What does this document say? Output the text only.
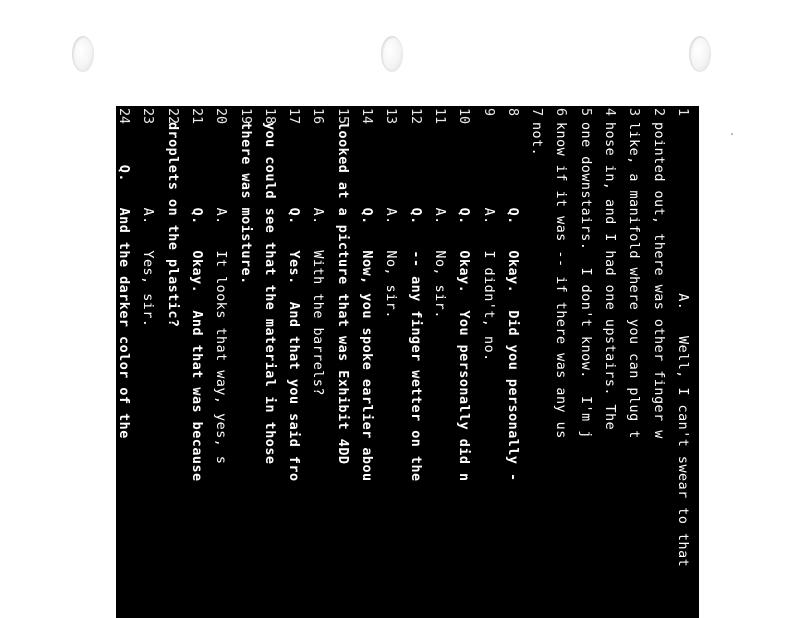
1
A.   Well, I can't swear to that
2
pointed out, there was other finger w
3
like, a manifold where you can plug t
4
hose in, and I had one upstairs. The
5
one downstairs.  I don't know.  I'm j
6
know if it was -- if there was any us
7
not.
8
Q.   Okay.  Did you personally -
9
A.   I didn't, no.
10
Q.   Okay.  You personally did n
11
A.   No, sir.
12
Q.   -- any finger wetter on the
13
A.   No, sir.
14
Q.   Now, you spoke earlier abou
15
looked at a picture that was Exhibit 4DD
16
A.   With the barrels?
17
Q.   Yes.  And that you said fro
18
you could see that the material in those
19
there was moisture.
20
A.   It looks that way, yes, s
21
Q.   Okay.  And that was because
22
droplets on the plastic?
23
A.   Yes, sir.
24
Q.   And the darker color of the
